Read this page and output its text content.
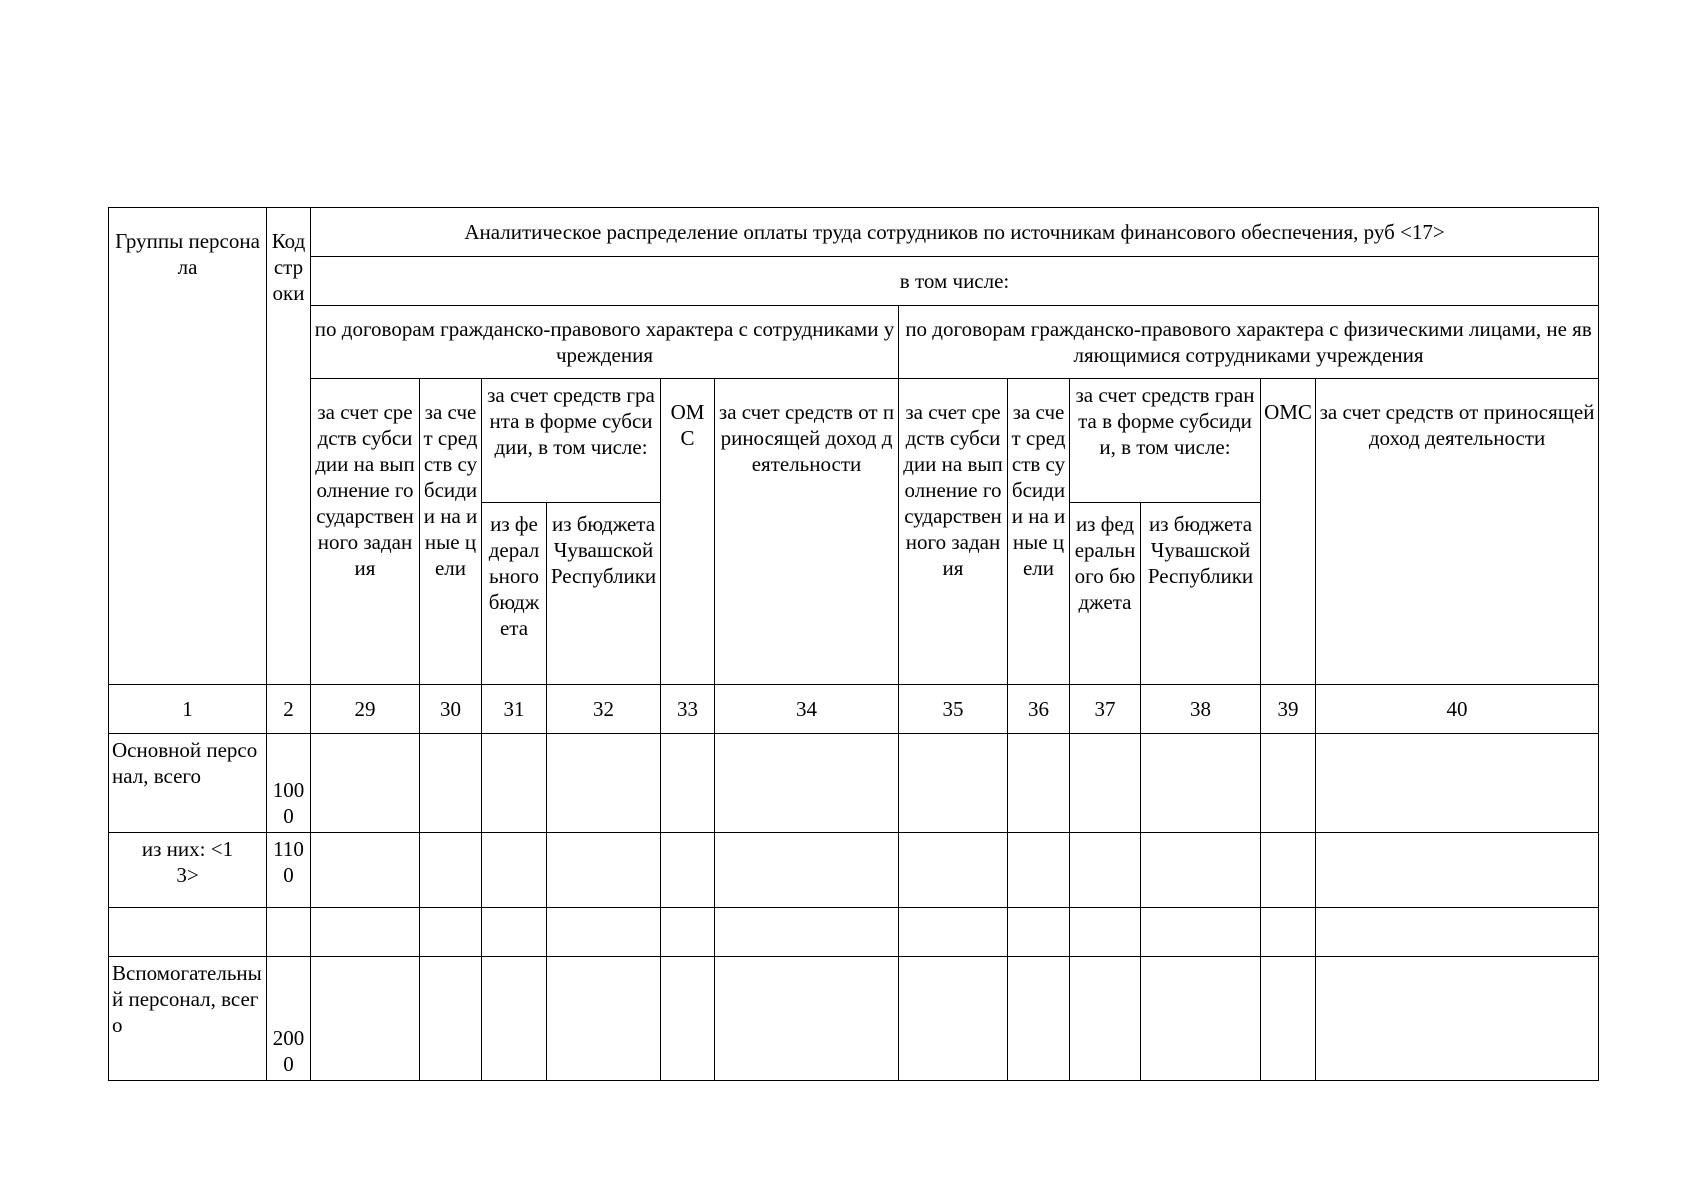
Группы персонала	Код строки	Аналитическое распределение оплаты труда сотрудников по источникам финансового обеспечения, руб <17>											
		в том числе:											
		по договорам гражданско-правового характера с сотрудниками учреждения						по договорам гражданско-правового характера с физическими лицами, не являющимися сотрудниками учреждения					
		за счет средств субсидии на выполнение государственного задания	за счет средств субсидии на иные цели	за счет средств гранта в форме субсидии, в том числе:		ОМС	за счет средств от приносящей доход деятельности	за счет средств субсидии на выполнение государственного задания	за счет средств субсидии на иные цели	за счет средств гранта в форме субсидии, в том числе:		ОМС	за счет средств от приносящей доход деятельности
				из федерального бюджета	из бюджета Чувашской Республики					из федерального бюджета	из бюджета Чувашской Республики		
1	2	29	30	31	32	33	34	35	36	37	38	39	40
Основной персонал, всего	1000												
из них: <13>	1100												

Вспомогательный персонал, всего	2000												
